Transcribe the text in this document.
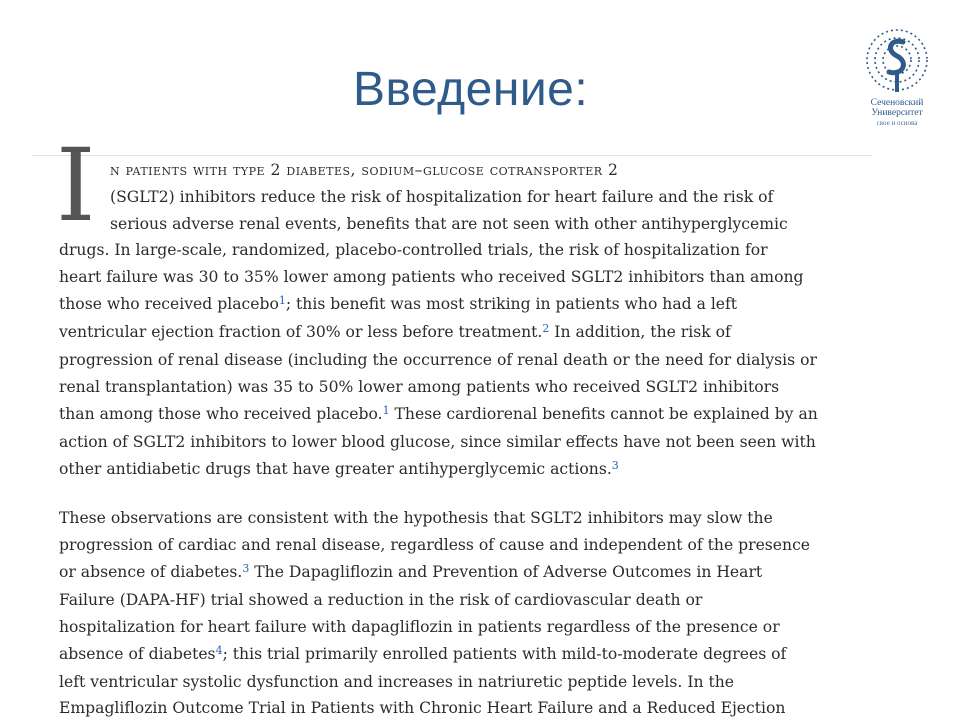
Введение:	Сеченовский
Университет
свое и основа
I n patients with type 2 diabetes, sodium–glucose cotransporter 2
(SGLT2) inhibitors reduce the risk of hospitalization for heart failure and the risk of
serious adverse renal events, benefits that are not seen with other antihyperglycemic
drugs. In large-scale, randomized, placebo-controlled trials, the risk of hospitalization for
heart failure was 30 to 35% lower among patients who received SGLT2 inhibitors than among
those who received placebo$^1$; this benefit was most striking in patients who had a left
ventricular ejection fraction of 30% or less before treatment.$^2$ In addition, the risk of
progression of renal disease (including the occurrence of renal death or the need for dialysis or
renal transplantation) was 35 to 50% lower among patients who received SGLT2 inhibitors
than among those who received placebo.$^1$ These cardiorenal benefits cannot be explained by an
action of SGLT2 inhibitors to lower blood glucose, since similar effects have not been seen with
other antidiabetic drugs that have greater antihyperglycemic actions.$^3$
These observations are consistent with the hypothesis that SGLT2 inhibitors may slow the
progression of cardiac and renal disease, regardless of cause and independent of the presence
or absence of diabetes.$^3$ The Dapagliflozin and Prevention of Adverse Outcomes in Heart
Failure (DAPA-HF) trial showed a reduction in the risk of cardiovascular death or
hospitalization for heart failure with dapagliflozin in patients regardless of the presence or
absence of diabetes$^4$; this trial primarily enrolled patients with mild-to-moderate degrees of
left ventricular systolic dysfunction and increases in natriuretic peptide levels. In the
Empagliflozin Outcome Trial in Patients with Chronic Heart Failure and a Reduced Ejection
